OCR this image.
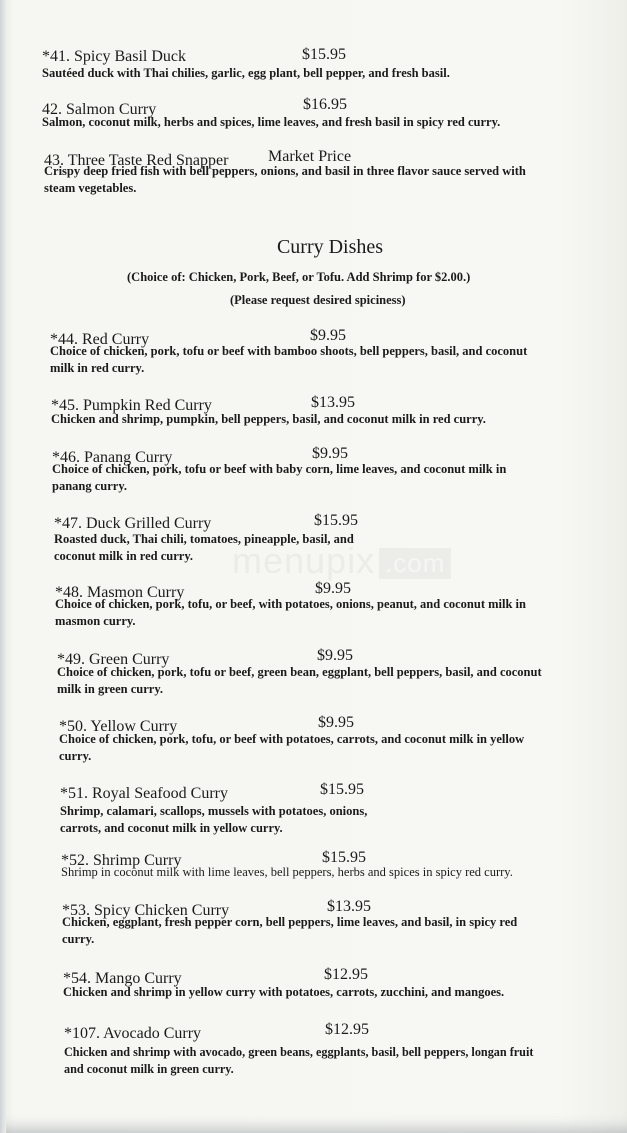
menupix .com
*41. Spicy Basil Duck	$15.95
Sautéed duck with Thai chilies, garlic, egg plant, bell pepper, and fresh basil.
42. Salmon Curry	$16.95
Salmon, coconut milk, herbs and spices, lime leaves, and fresh basil in spicy red curry.
43. Three Taste Red Snapper Market Price
Crispy deep fried fish with bell peppers, onions, and basil in three flavor sauce served with
steam vegetables.
Curry Dishes
(Choice of: Chicken, Pork, Beef, or Tofu. Add Shrimp for $2.00.)
(Please request desired spiciness)
*44. Red Curry	$9.95
Choice of chicken, pork, tofu or beef with bamboo shoots, bell peppers, basil, and coconut
milk in red curry.
*45. Pumpkin Red Curry	$13.95
Chicken and shrimp, pumpkin, bell peppers, basil, and coconut milk in red curry.
*46. Panang Curry	$9.95
Choice of chicken, pork, tofu or beef with baby corn, lime leaves, and coconut milk in
panang curry.
*47. Duck Grilled Curry	$15.95
Roasted duck, Thai chili, tomatoes, pineapple, basil, and
coconut milk in red curry.
*48. Masmon Curry	$9.95
Choice of chicken, pork, tofu, or beef, with potatoes, onions, peanut, and coconut milk in
masmon curry.
*49. Green Curry	$9.95
Choice of chicken, pork, tofu or beef, green bean, eggplant, bell peppers, basil, and coconut
milk in green curry.
*50. Yellow Curry	$9.95
Choice of chicken, pork, tofu, or beef with potatoes, carrots, and coconut milk in yellow
curry.
*51. Royal Seafood Curry	$15.95
Shrimp, calamari, scallops, mussels with potatoes, onions,
carrots, and coconut milk in yellow curry.
*52. Shrimp Curry	$15.95
Shrimp in coconut milk with lime leaves, bell peppers, herbs and spices in spicy red curry.
*53. Spicy Chicken Curry	$13.95
Chicken, eggplant, fresh pepper corn, bell peppers, lime leaves, and basil, in spicy red
curry.
*54. Mango Curry	$12.95
Chicken and shrimp in yellow curry with potatoes, carrots, zucchini, and mangoes.
*107. Avocado Curry	$12.95
Chicken and shrimp with avocado, green beans, eggplants, basil, bell peppers, longan fruit
and coconut milk in green curry.
